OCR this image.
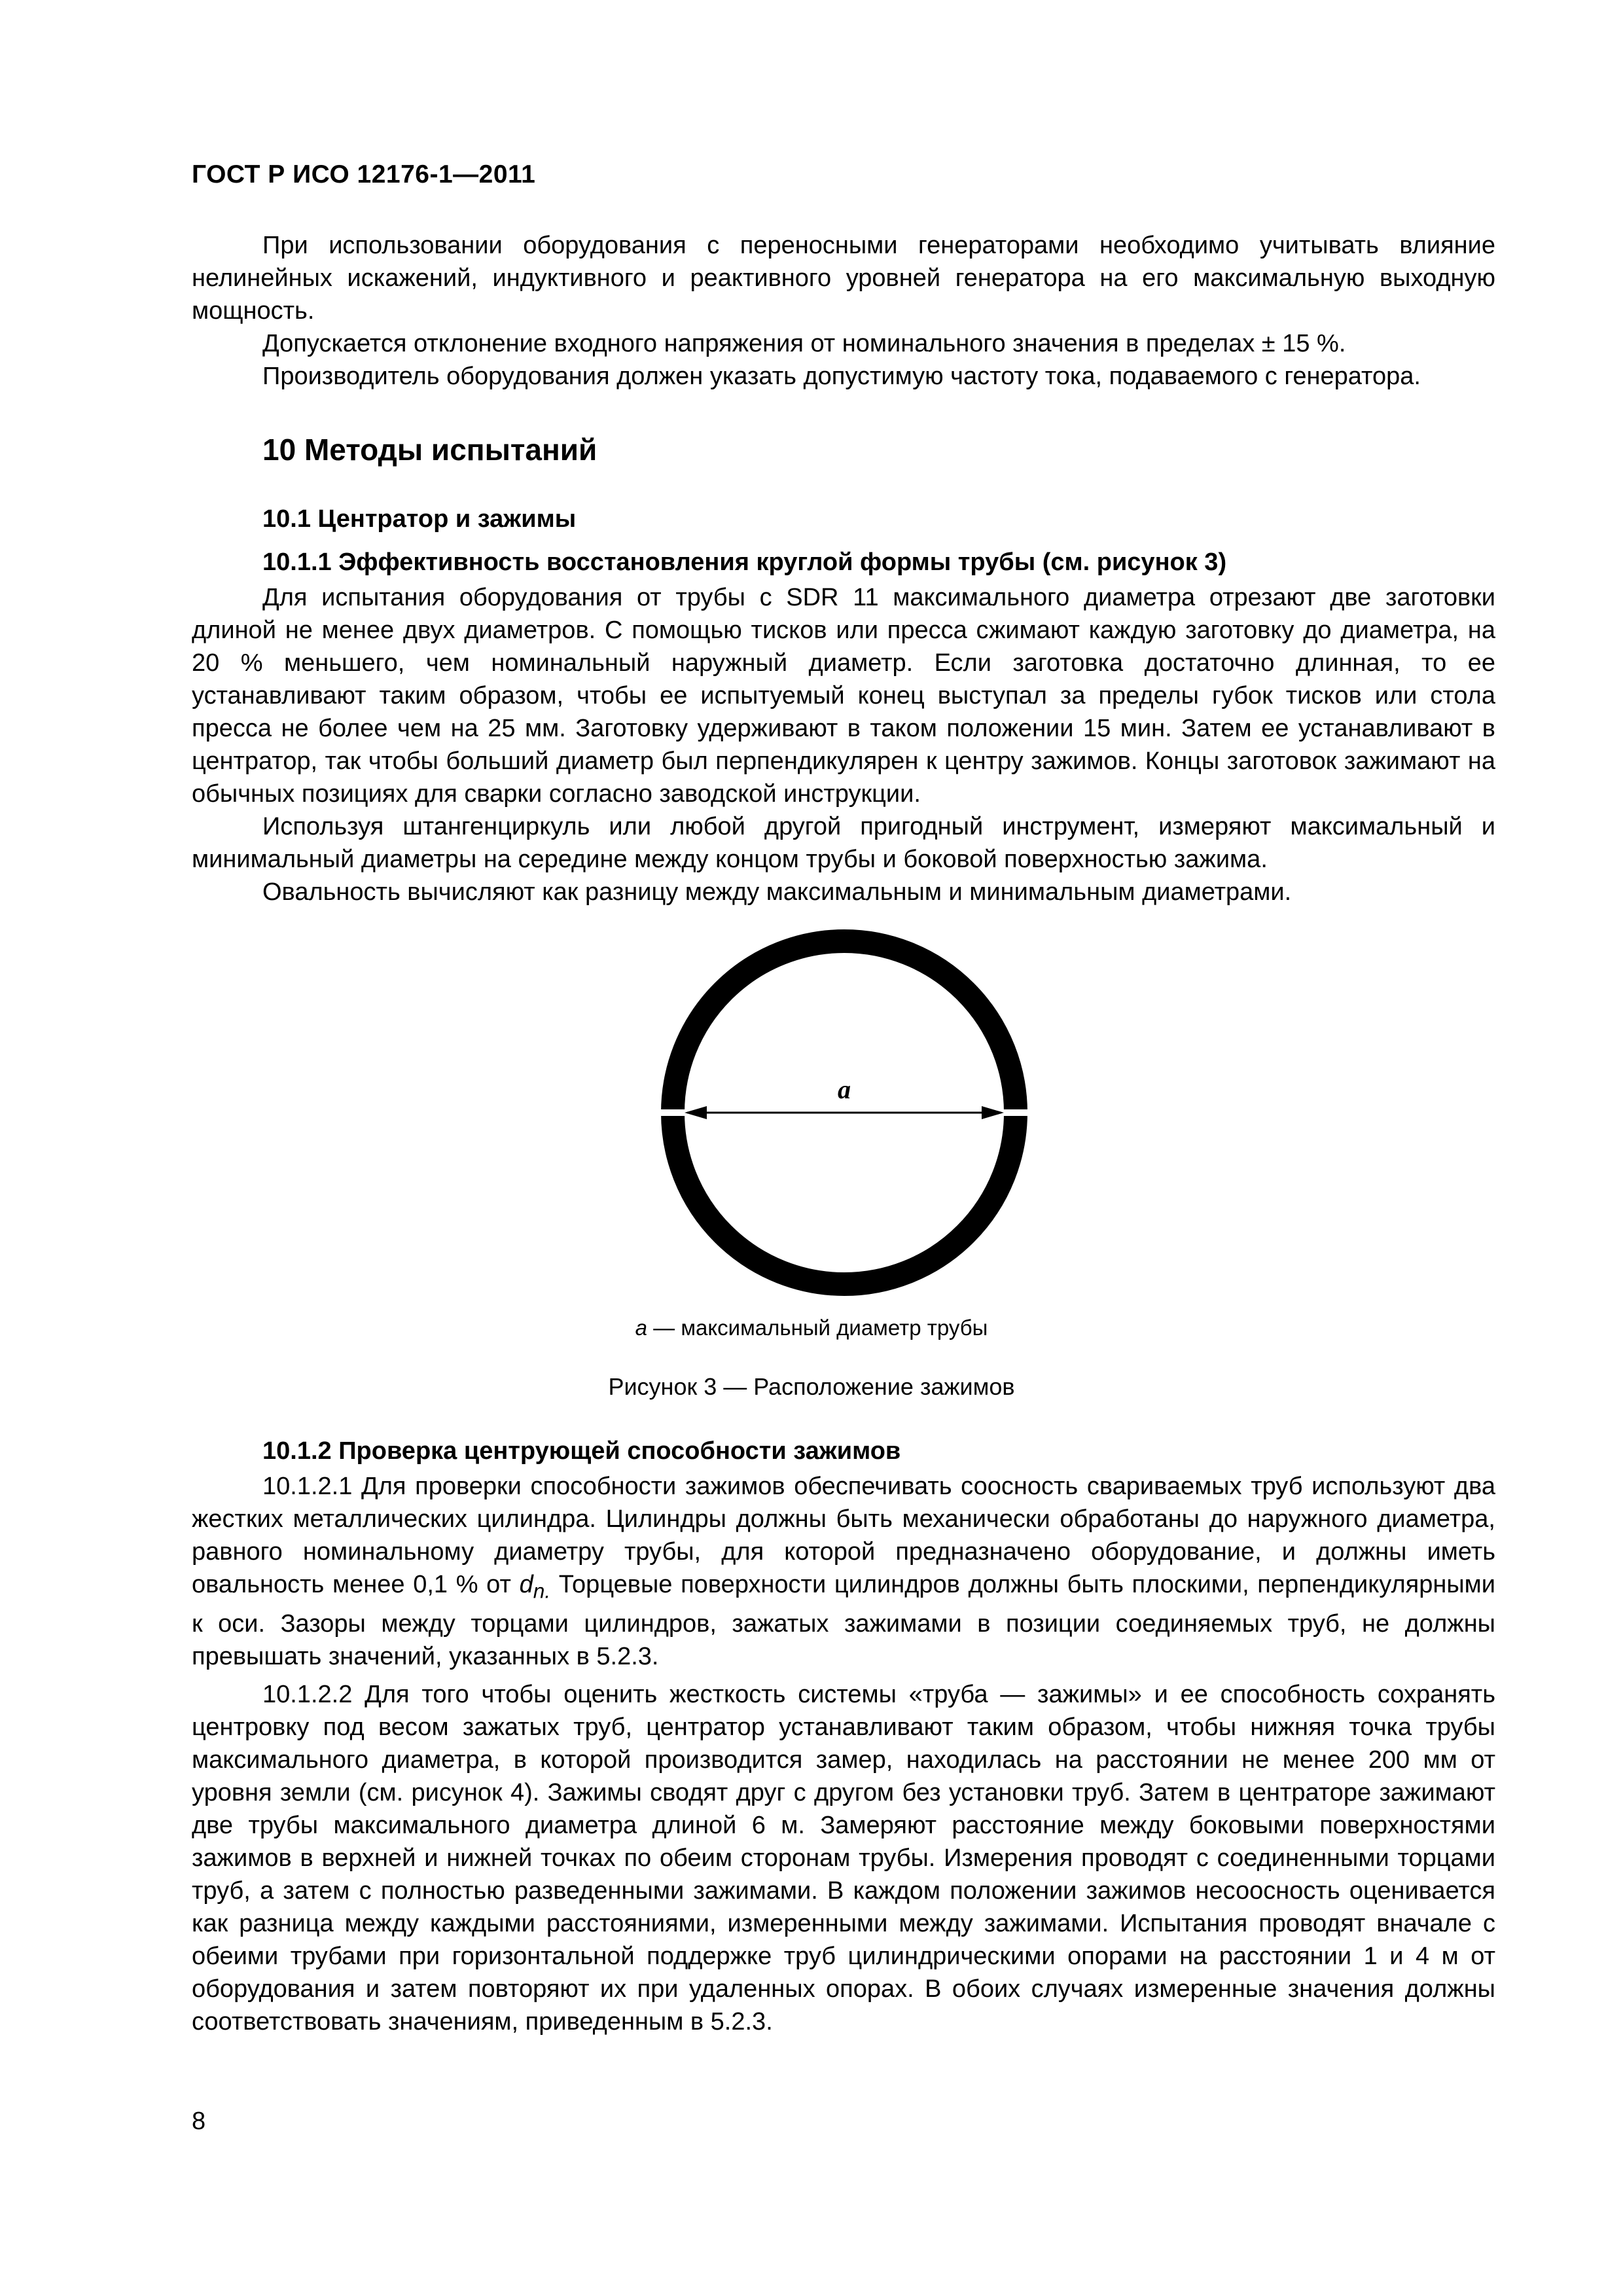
ГОСТ Р ИСО 12176-1—2011

При использовании оборудования с переносными генераторами необходимо учитывать влияние нелинейных искажений, индуктивного и реактивного уровней генератора на его максимальную выходную мощность.

Допускается отклонение входного напряжения от номинального значения в пределах ± 15 %.

Производитель оборудования должен указать допустимую частоту тока, подаваемого с генератора.

10 Методы испытаний
10.1 Центратор и зажимы
10.1.1 Эффективность восстановления круглой формы трубы (см. рисунок 3)

Для испытания оборудования от трубы с SDR 11 максимального диаметра отрезают две заготовки длиной не менее двух диаметров. С помощью тисков или пресса сжимают каждую заготовку до диаметра, на 20 % меньшего, чем номинальный наружный диаметр. Если заготовка достаточно длинная, то ее устанавливают таким образом, чтобы ее испытуемый конец выступал за пределы губок тисков или стола пресса не более чем на 25 мм. Заготовку удерживают в таком положении 15 мин. Затем ее устанавливают в центратор, так чтобы больший диаметр был перпендикулярен к центру зажимов. Концы заготовок зажимают на обычных позициях для сварки согласно заводской инструкции.

Используя штангенциркуль или любой другой пригодный инструмент, измеряют максимальный и минимальный диаметры на середине между концом трубы и боковой поверхностью зажима.

Овальность вычисляют как разницу между максимальным и минимальным диаметрами.

a
a — максимальный диаметр трубы
Рисунок 3 — Расположение зажимов
10.1.2 Проверка центрующей способности зажимов

10.1.2.1 Для проверки способности зажимов обеспечивать соосность свариваемых труб используют два жестких металлических цилиндра. Цилиндры должны быть механически обработаны до наружного диаметра, равного номинальному диаметру трубы, для которой предназначено оборудование, и должны иметь овальность менее 0,1 % от $d_{n.}$ Торцевые поверхности цилиндров должны быть плоскими, перпендикулярными к оси. Зазоры между торцами цилиндров, зажатых зажимами в позиции соединяемых труб, не должны превышать значений, указанных в 5.2.3.

10.1.2.2 Для того чтобы оценить жесткость системы «труба — зажимы» и ее способность сохранять центровку под весом зажатых труб, центратор устанавливают таким образом, чтобы нижняя точка трубы максимального диаметра, в которой производится замер, находилась на расстоянии не менее 200 мм от уровня земли (см. рисунок 4). Зажимы сводят друг с другом без установки труб. Затем в центраторе зажимают две трубы максимального диаметра длиной 6 м. Замеряют расстояние между боковыми поверхностями зажимов в верхней и нижней точках по обеим сторонам трубы. Измерения проводят с соединенными торцами труб, а затем с полностью разведенными зажимами. В каждом положении зажимов несоосность оценивается как разница между каждыми расстояниями, измеренными между зажимами. Испытания проводят вначале с обеими трубами при горизонтальной поддержке труб цилиндрическими опорами на расстоянии 1 и 4 м от оборудования и затем повторяют их при удаленных опорах. В обоих случаях измеренные значения должны соответствовать значениям, приведенным в 5.2.3.

8
